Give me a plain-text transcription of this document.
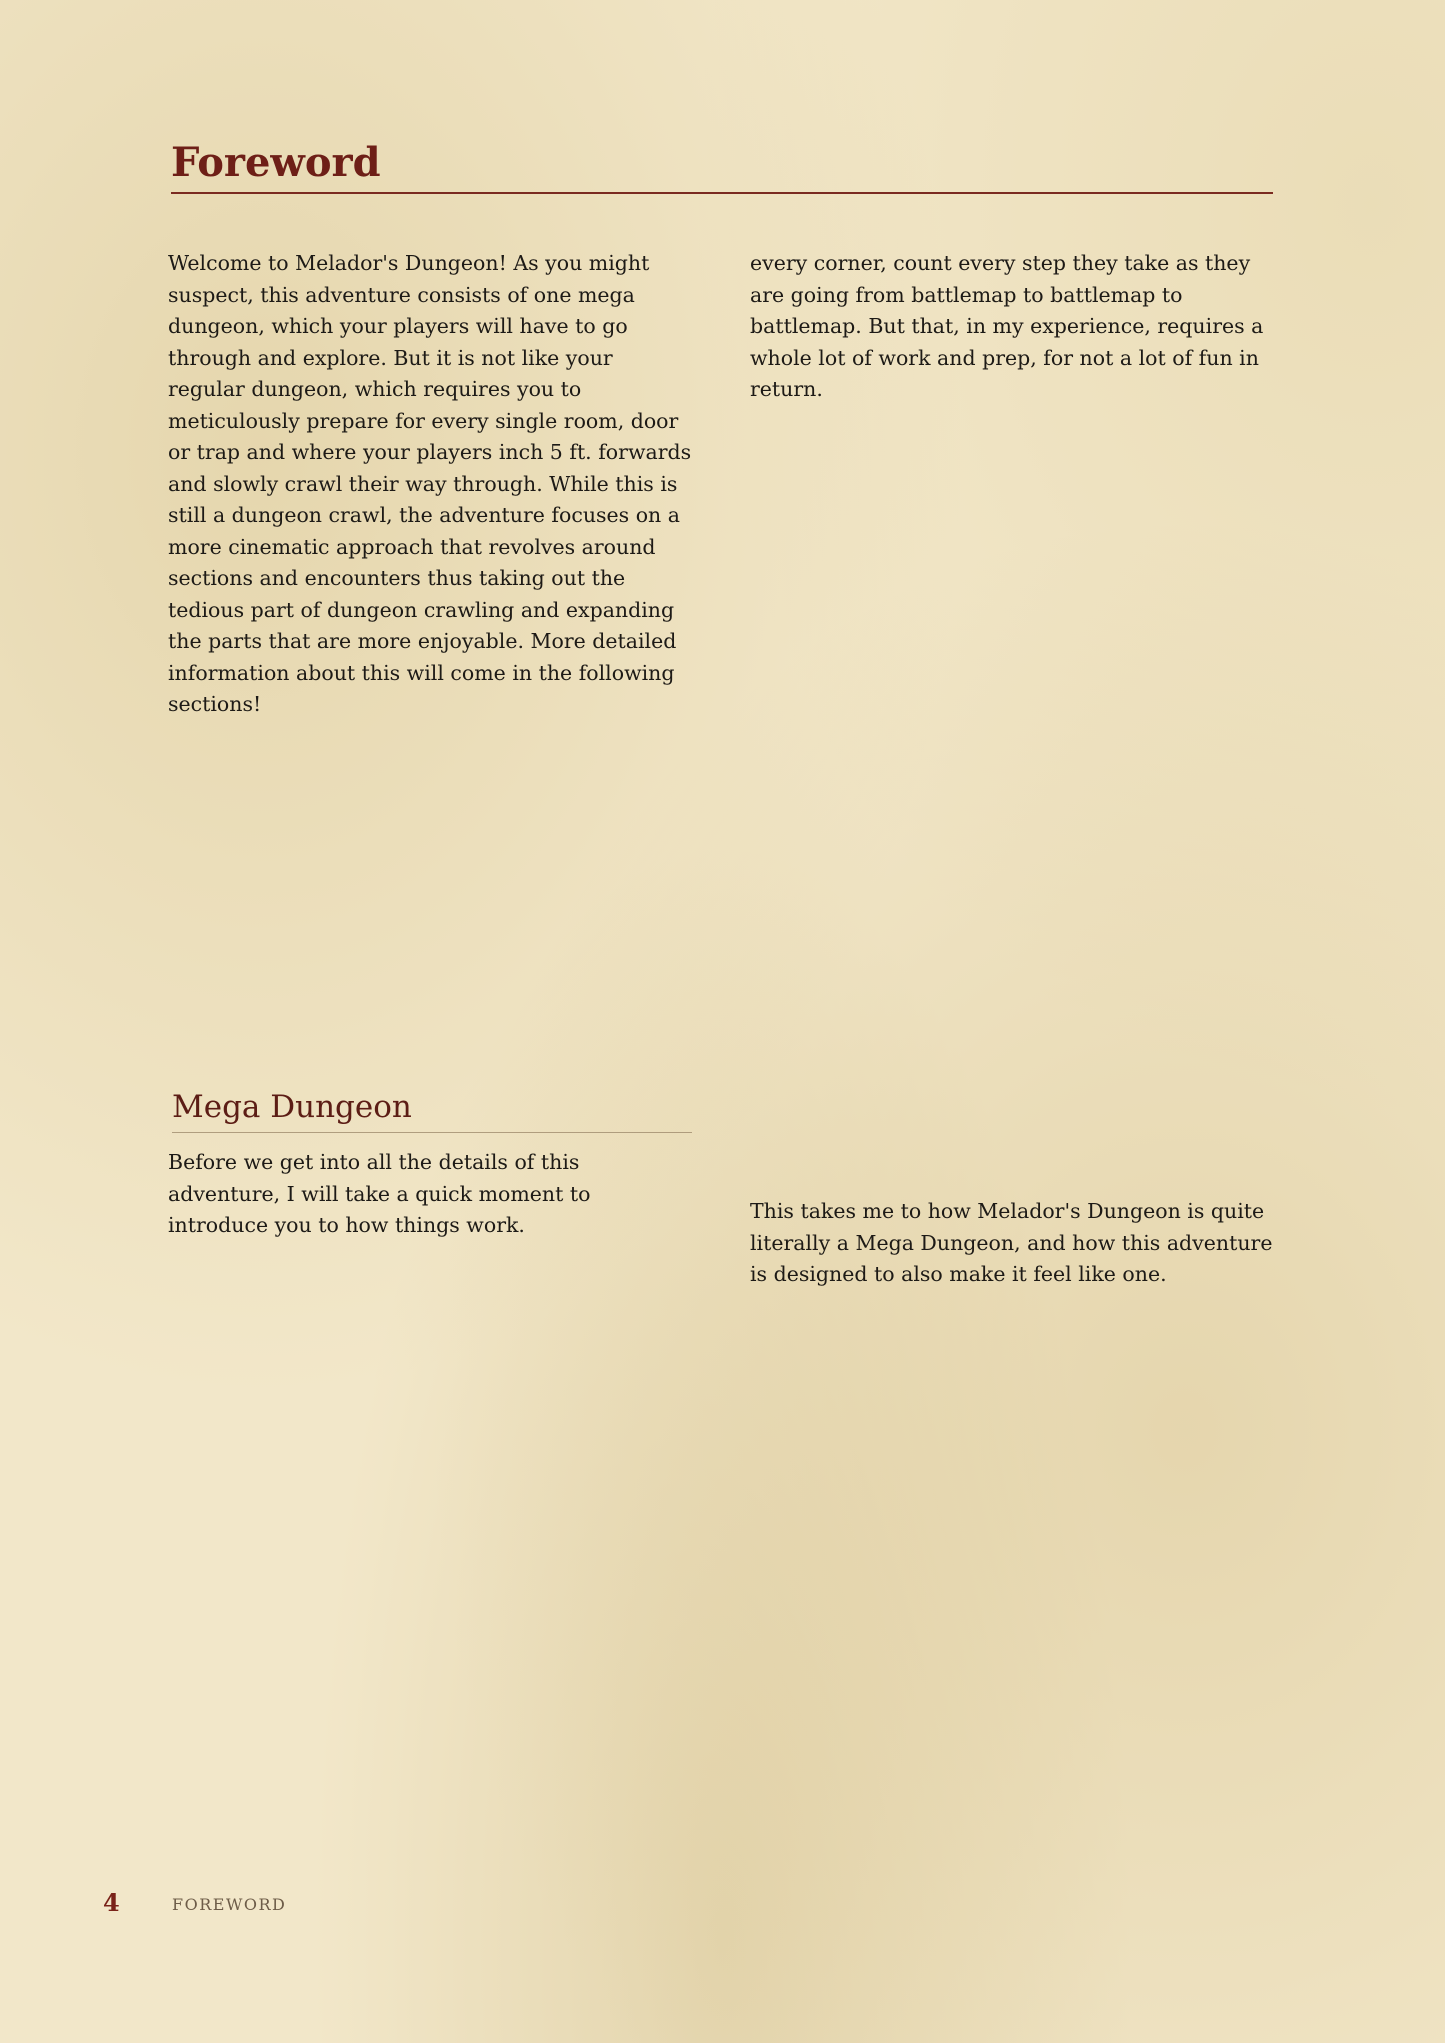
Foreword

Welcome to Melador's Dungeon! As you might suspect, this adventure consists of one mega dungeon, which your players will have to go through and explore. But it is not like your regular dungeon, which requires you to meticulously prepare for every single room, door or trap and where your players inch 5 ft. forwards and slowly crawl their way through. While this is still a dungeon crawl, the adventure focuses on a more cinematic approach that revolves around sections and encounters thus taking out the tedious part of dungeon crawling and expanding the parts that are more enjoyable. More detailed information about this will come in the following sections!

Mega Dungeon

Before we get into all the details of this adventure, I will take a quick moment to introduce you to how things work.

every corner, count every step they take as they are going from battlemap to battlemap to battlemap. But that, in my experience, requires a whole lot of work and prep, for not a lot of fun in return.

This takes me to how Melador's Dungeon is quite literally a Mega Dungeon, and how this adventure is designed to also make it feel like one.

4	FOREWORD
